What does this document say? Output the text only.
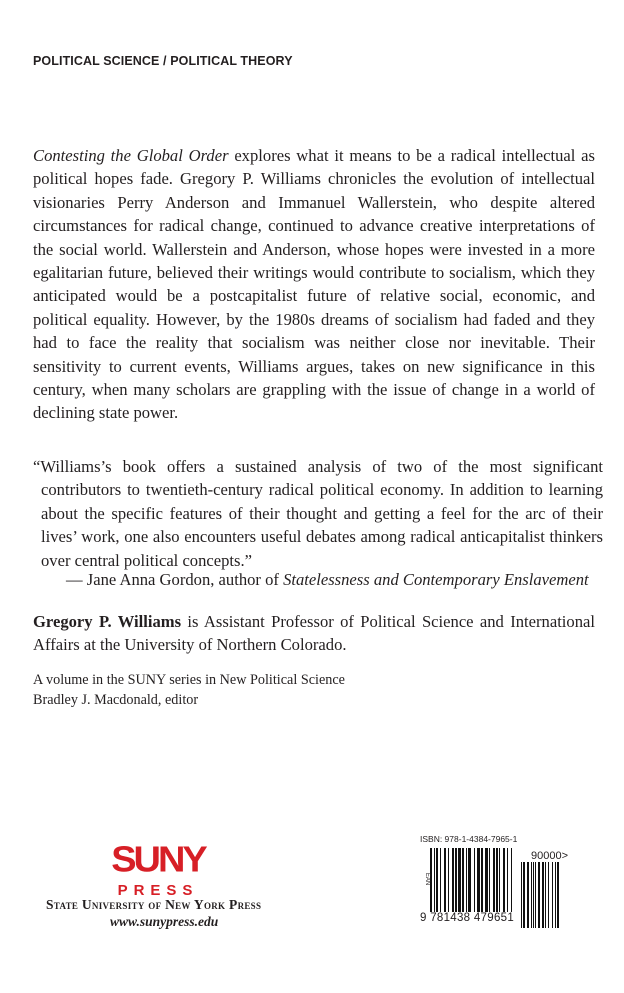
POLITICAL SCIENCE / POLITICAL THEORY
Contesting the Global Order explores what it means to be a radical intellectual as political hopes fade. Gregory P. Williams chronicles the evolution of intellectual visionaries Perry Anderson and Immanuel Wallerstein, who despite altered circumstances for radical change, continued to advance creative interpretations of the social world. Wallerstein and Anderson, whose hopes were invested in a more egalitarian future, believed their writings would contribute to socialism, which they anticipated would be a postcapitalist future of relative social, economic, and political equality. However, by the 1980s dreams of socialism had faded and they had to face the reality that socialism was neither close nor inevitable. Their sensitivity to current events, Williams argues, takes on new significance in this century, when many scholars are grappling with the issue of change in a world of declining state power.
“Williams’s book offers a sustained analysis of two of the most significant contributors to twentieth-century radical political economy. In addition to learning about the specific features of their thought and getting a feel for the arc of their lives’ work, one also encounters useful debates among radical anticapitalist thinkers over central political concepts.”
— Jane Anna Gordon, author of Statelessness and Contemporary Enslavement
Gregory P. Williams is Assistant Professor of Political Science and International Affairs at the University of Northern Colorado.
A volume in the SUNY series in New Political Science
Bradley J. Macdonald, editor
SUNY
PRESS
State University of New York Press
www.sunypress.edu
ISBN: 978-1-4384-7965-1
EAN
9 781438 479651
90000>
